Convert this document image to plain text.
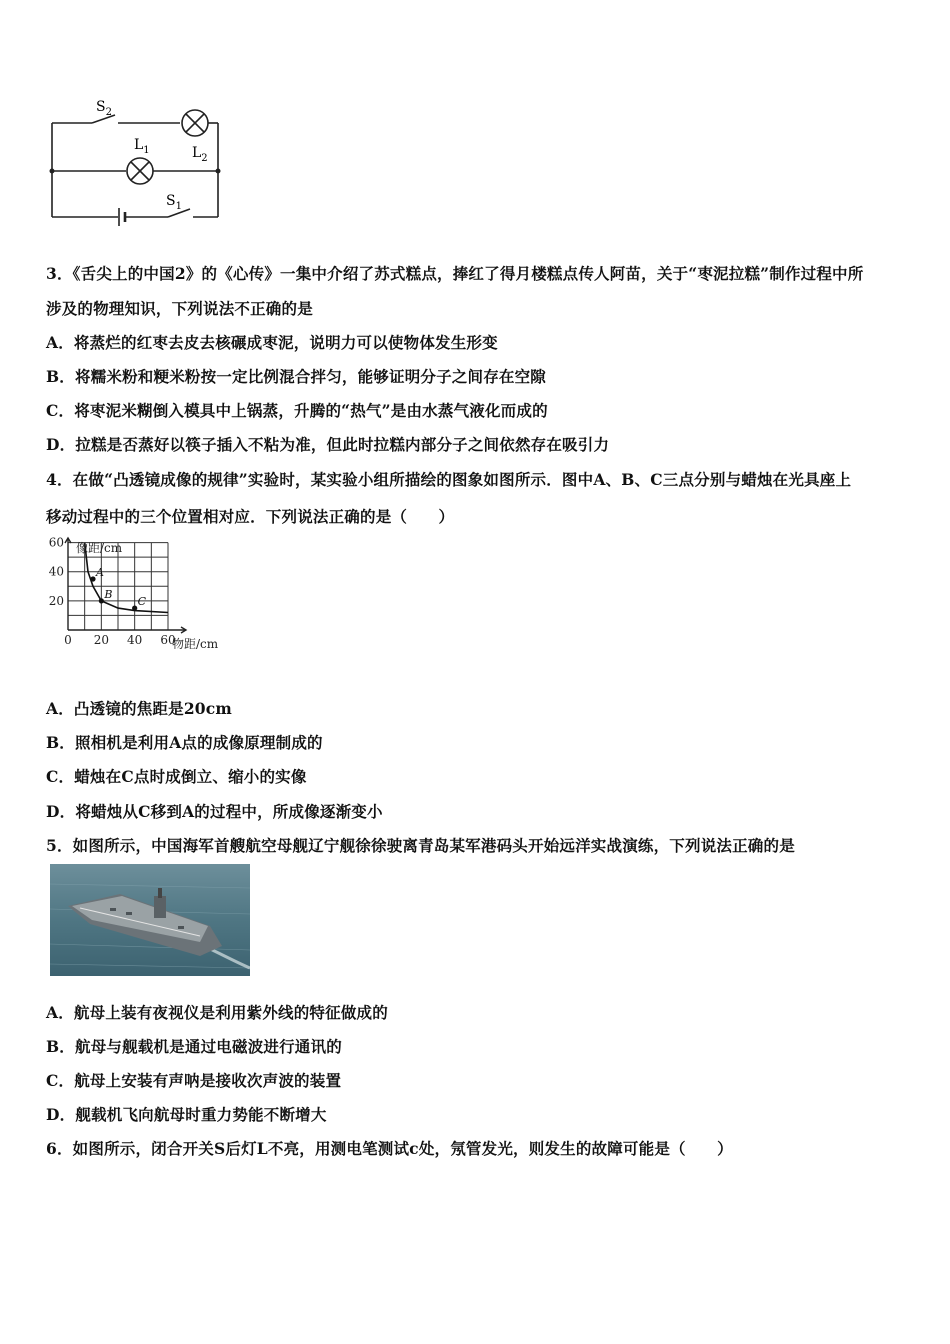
$S_2$
$L_1$	$L_2$
$S_1$
3．《舌尖上的中国2》的《心传》一集中介绍了苏式糕点，捧红了得月楼糕点传人阿苗，关于“枣泥拉糕”制作过程中所
涉及的物理知识，下列说法不正确的是
A．将蒸烂的红枣去皮去核碾成枣泥，说明力可以使物体发生形变
B．将糯米粉和粳米粉按一定比例混合拌匀，能够证明分子之间存在空隙
C．将枣泥米糊倒入模具中上锅蒸，升腾的“热气”是由水蒸气液化而成的
D．拉糕是否蒸好以筷子插入不粘为准，但此时拉糕内部分子之间依然存在吸引力
4．在做“凸透镜成像的规律”实验时，某实验小组所描绘的图象如图所示．图中A、B、C三点分别与蜡烛在光具座上
移动过程中的三个位置相对应．下列说法正确的是（　　）
A
B
C
0 20 40 60
20
40
60 像距/cm
物距/cm
A．凸透镜的焦距是20cm
B．照相机是利用A点的成像原理制成的
C．蜡烛在C点时成倒立、缩小的实像
D．将蜡烛从C移到A的过程中，所成像逐渐变小
5．如图所示，中国海军首艘航空母舰辽宁舰徐徐驶离青岛某军港码头开始远洋实战演练，下列说法正确的是
A．航母上装有夜视仪是利用紫外线的特征做成的
B．航母与舰载机是通过电磁波进行通讯的
C．航母上安装有声呐是接收次声波的装置
D．舰载机飞向航母时重力势能不断增大
6．如图所示，闭合开关S后灯L不亮，用测电笔测试c处，氖管发光，则发生的故障可能是（　　）
